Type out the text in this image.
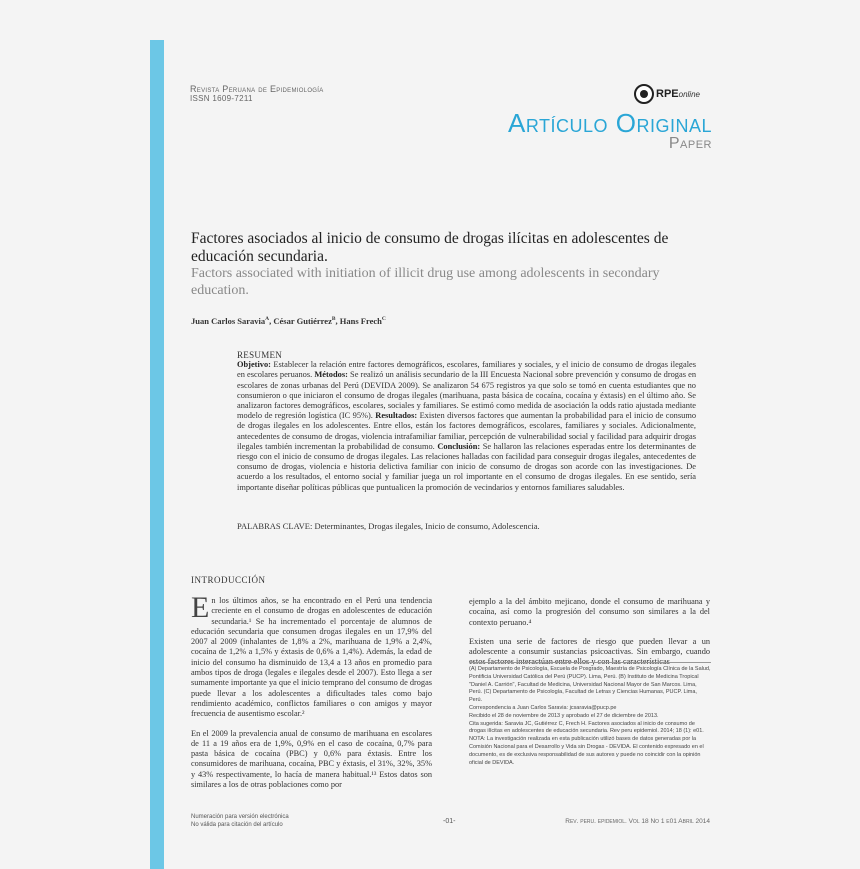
Revista Peruana de Epidemiología
ISSN 1609-7211	RPE online
Artículo Original
Paper
Factores asociados al inicio de consumo de drogas ilícitas en adolescentes de educación secundaria.
Factors associated with initiation of illicit drug use among adolescents in secondary education.
Juan Carlos Saravia$^A$, César Gutiérrez$^B$, Hans Frech$^C$
RESUMEN
Objetivo: Establecer la relación entre factores demográficos, escolares, familiares y sociales, y el inicio de consumo de drogas ilegales en escolares peruanos. Métodos: Se realizó un análisis secundario de la III Encuesta Nacional sobre prevención y consumo de drogas en escolares de zonas urbanas del Perú (DEVIDA 2009). Se analizaron 54 675 registros ya que solo se tomó en cuenta estudiantes que no consumieron o que iniciaron el consumo de drogas ilegales (marihuana, pasta básica de cocaína, cocaína y éxtasis) en el último año. Se analizaron factores demográficos, escolares, sociales y familiares. Se estimó como medida de asociación la odds ratio ajustada mediante modelo de regresión logística (IC 95%). Resultados: Existen diversos factores que aumentan la probabilidad para el inicio de consumo de drogas ilegales en los adolescentes. Entre ellos, están los factores demográficos, escolares, familiares y sociales. Adicionalmente, antecedentes de consumo de drogas, violencia intrafamiliar familiar, percepción de vulnerabilidad social y facilidad para adquirir drogas ilegales también incrementan la probabilidad de consumo. Conclusión: Se hallaron las relaciones esperadas entre los determinantes de riesgo con el inicio de consumo de drogas ilegales. Las relaciones halladas con facilidad para conseguir drogas ilegales, antecedentes de consumo de drogas, violencia e historia delictiva familiar con inicio de consumo de drogas son acorde con las investigaciones. De acuerdo a los resultados, el entorno social y familiar juega un rol importante en el consumo de drogas ilegales. En ese sentido, sería importante diseñar políticas públicas que puntualicen la promoción de vecindarios y entornos familiares saludables.
PALABRAS CLAVE: Determinantes, Drogas ilegales, Inicio de consumo, Adolescencia.
INTRODUCCIÓN

En los últimos años, se ha encontrado en el Perú una tendencia creciente en el consumo de drogas en adolescentes de educación secundaria.¹ Se ha incrementado el porcentaje de alumnos de educación secundaria que consumen drogas ilegales en un 17,9% del 2007 al 2009 (inhalantes de 1,8% a 2%, marihuana de 1,9% a 2,4%, cocaína de 1,2% a 1,5% y éxtasis de 0,6% a 1,4%). Además, la edad de inicio del consumo ha disminuido de 13,4 a 13 años en promedio para ambos tipos de droga (legales e ilegales desde el 2007). Esto llega a ser sumamente importante ya que el inicio temprano del consumo de drogas puede llevar a los adolescentes a dificultades tales como bajo rendimiento académico, conflictos familiares o con amigos y mayor frecuencia de ausentismo escolar.²

En el 2009 la prevalencia anual de consumo de marihuana en escolares de 11 a 19 años era de 1,9%, 0,9% en el caso de cocaína, 0,7% para pasta básica de cocaína (PBC) y 0,6% para éxtasis. Entre los consumidores de marihuana, cocaína, PBC y éxtasis, el 31%, 32%, 35% y 43% respectivamente, lo hacía de manera habitual.¹³ Estos datos son similares a los de otras poblaciones como por

ejemplo a la del ámbito mejicano, donde el consumo de marihuana y cocaína, así como la progresión del consumo son similares a la del contexto peruano.⁴

Existen una serie de factores de riesgo que pueden llevar a un adolescente a consumir sustancias psicoactivas. Sin embargo, cuando estos factores interactúan entre ellos y con las características

(A) Departamento de Psicología, Escuela de Posgrado, Maestría de Psicología Clínica de la Salud, Pontificia Universidad Católica del Perú (PUCP). Lima, Perú. (B) Instituto de Medicina Tropical "Daniel A. Carrión", Facultad de Medicina, Universidad Nacional Mayor de San Marcos. Lima, Perú. (C) Departamento de Psicología, Facultad de Letras y Ciencias Humanas, PUCP. Lima, Perú.

Correspondencia a Juan Carlos Saravia: jcsaravia@pucp.pe

Recibido el 28 de noviembre de 2013 y aprobado el 27 de diciembre de 2013.

Cita sugerida: Saravia JC, Gutiérrez C, Frech H. Factores asociados al inicio de consumo de drogas ilícitas en adolescentes de educación secundaria. Rev peru epidemiol. 2014; 18 (1): e01.

NOTA: La investigación realizada en esta publicación utilizó bases de datos generadas por la Comisión Nacional para el Desarrollo y Vida sin Drogas - DEVIDA. El contenido expresado en el documento, es de exclusiva responsabilidad de sus autores y puede no coincidir con la opinión oficial de DEVIDA.

Numeración para versión electrónica
No válida para citación del artículo	-01-	Rev. peru. epidemiol. Vol 18 No 1 e01 Abril 2014
